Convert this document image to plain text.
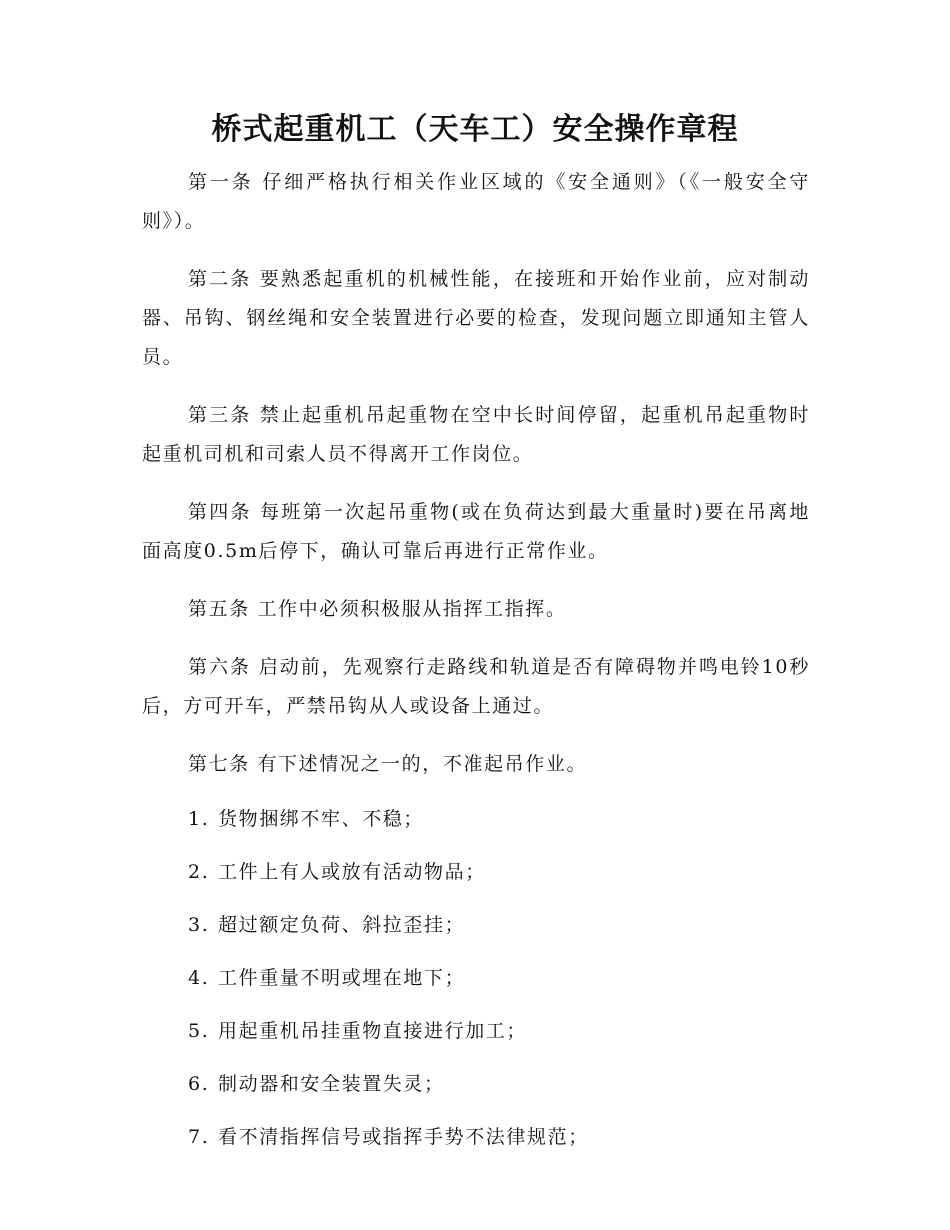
桥式起重机工（天车工）安全操作章程

第一条 仔细严格执行相关作业区域的《安全通则》（《一般安全守则》）。

第二条 要熟悉起重机的机械性能，在接班和开始作业前，应对制动器、吊钩、钢丝绳和安全装置进行必要的检查，发现问题立即通知主管人员。

第三条 禁止起重机吊起重物在空中长时间停留，起重机吊起重物时起重机司机和司索人员不得离开工作岗位。

第四条 每班第一次起吊重物(或在负荷达到最大重量时)要在吊离地面高度0.5m后停下，确认可靠后再进行正常作业。

第五条 工作中必须积极服从指挥工指挥。

第六条 启动前，先观察行走路线和轨道是否有障碍物并鸣电铃10秒后，方可开车，严禁吊钩从人或设备上通过。

第七条 有下述情况之一的，不准起吊作业。

1. 货物捆绑不牢、不稳；
2. 工件上有人或放有活动物品；
3. 超过额定负荷、斜拉歪挂；
4. 工件重量不明或埋在地下；
5. 用起重机吊挂重物直接进行加工；
6. 制动器和安全装置失灵；
7. 看不清指挥信号或指挥手势不法律规范；
